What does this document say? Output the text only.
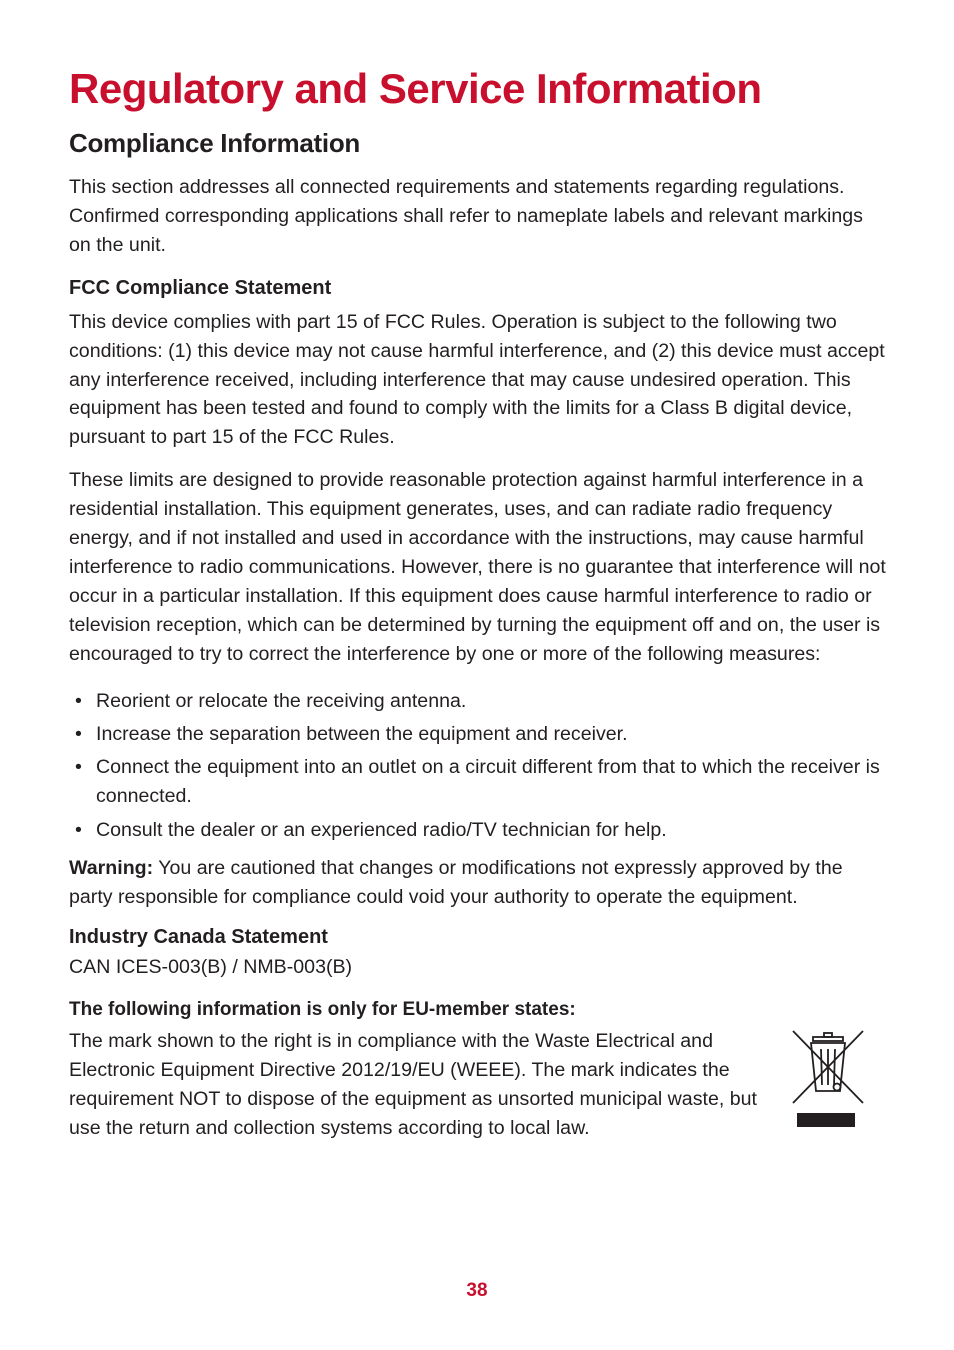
Regulatory and Service Information
Compliance Information

This section addresses all connected requirements and statements regarding regulations. Confirmed corresponding applications shall refer to nameplate labels and relevant markings on the unit.

FCC Compliance Statement

This device complies with part 15 of FCC Rules. Operation is subject to the following two conditions: (1) this device may not cause harmful interference, and (2) this device must accept any interference received, including interference that may cause undesired operation. This equipment has been tested and found to comply with the limits for a Class B digital device, pursuant to part 15 of the FCC Rules.

These limits are designed to provide reasonable protection against harmful interference in a residential installation. This equipment generates, uses, and can radiate radio frequency energy, and if not installed and used in accordance with the instructions, may cause harmful interference to radio communications. However, there is no guarantee that interference will not occur in a particular installation. If this equipment does cause harmful interference to radio or television reception, which can be determined by turning the equipment off and on, the user is encouraged to try to correct the interference by one or more of the following measures:

• Reorient or relocate the receiving antenna.
• Increase the separation between the equipment and receiver.
• Connect the equipment into an outlet on a circuit different from that to which the receiver is connected.
• Consult the dealer or an experienced radio/TV technician for help.

Warning: You are cautioned that changes or modifications not expressly approved by the party responsible for compliance could void your authority to operate the equipment.

Industry Canada Statement

CAN ICES-003(B) / NMB-003(B)

The following information is only for EU-member states:

The mark shown to the right is in compliance with the Waste Electrical and Electronic Equipment Directive 2012/19/EU (WEEE). The mark indicates the requirement NOT to dispose of the equipment as unsorted municipal waste, but use the return and collection systems according to local law.

38
